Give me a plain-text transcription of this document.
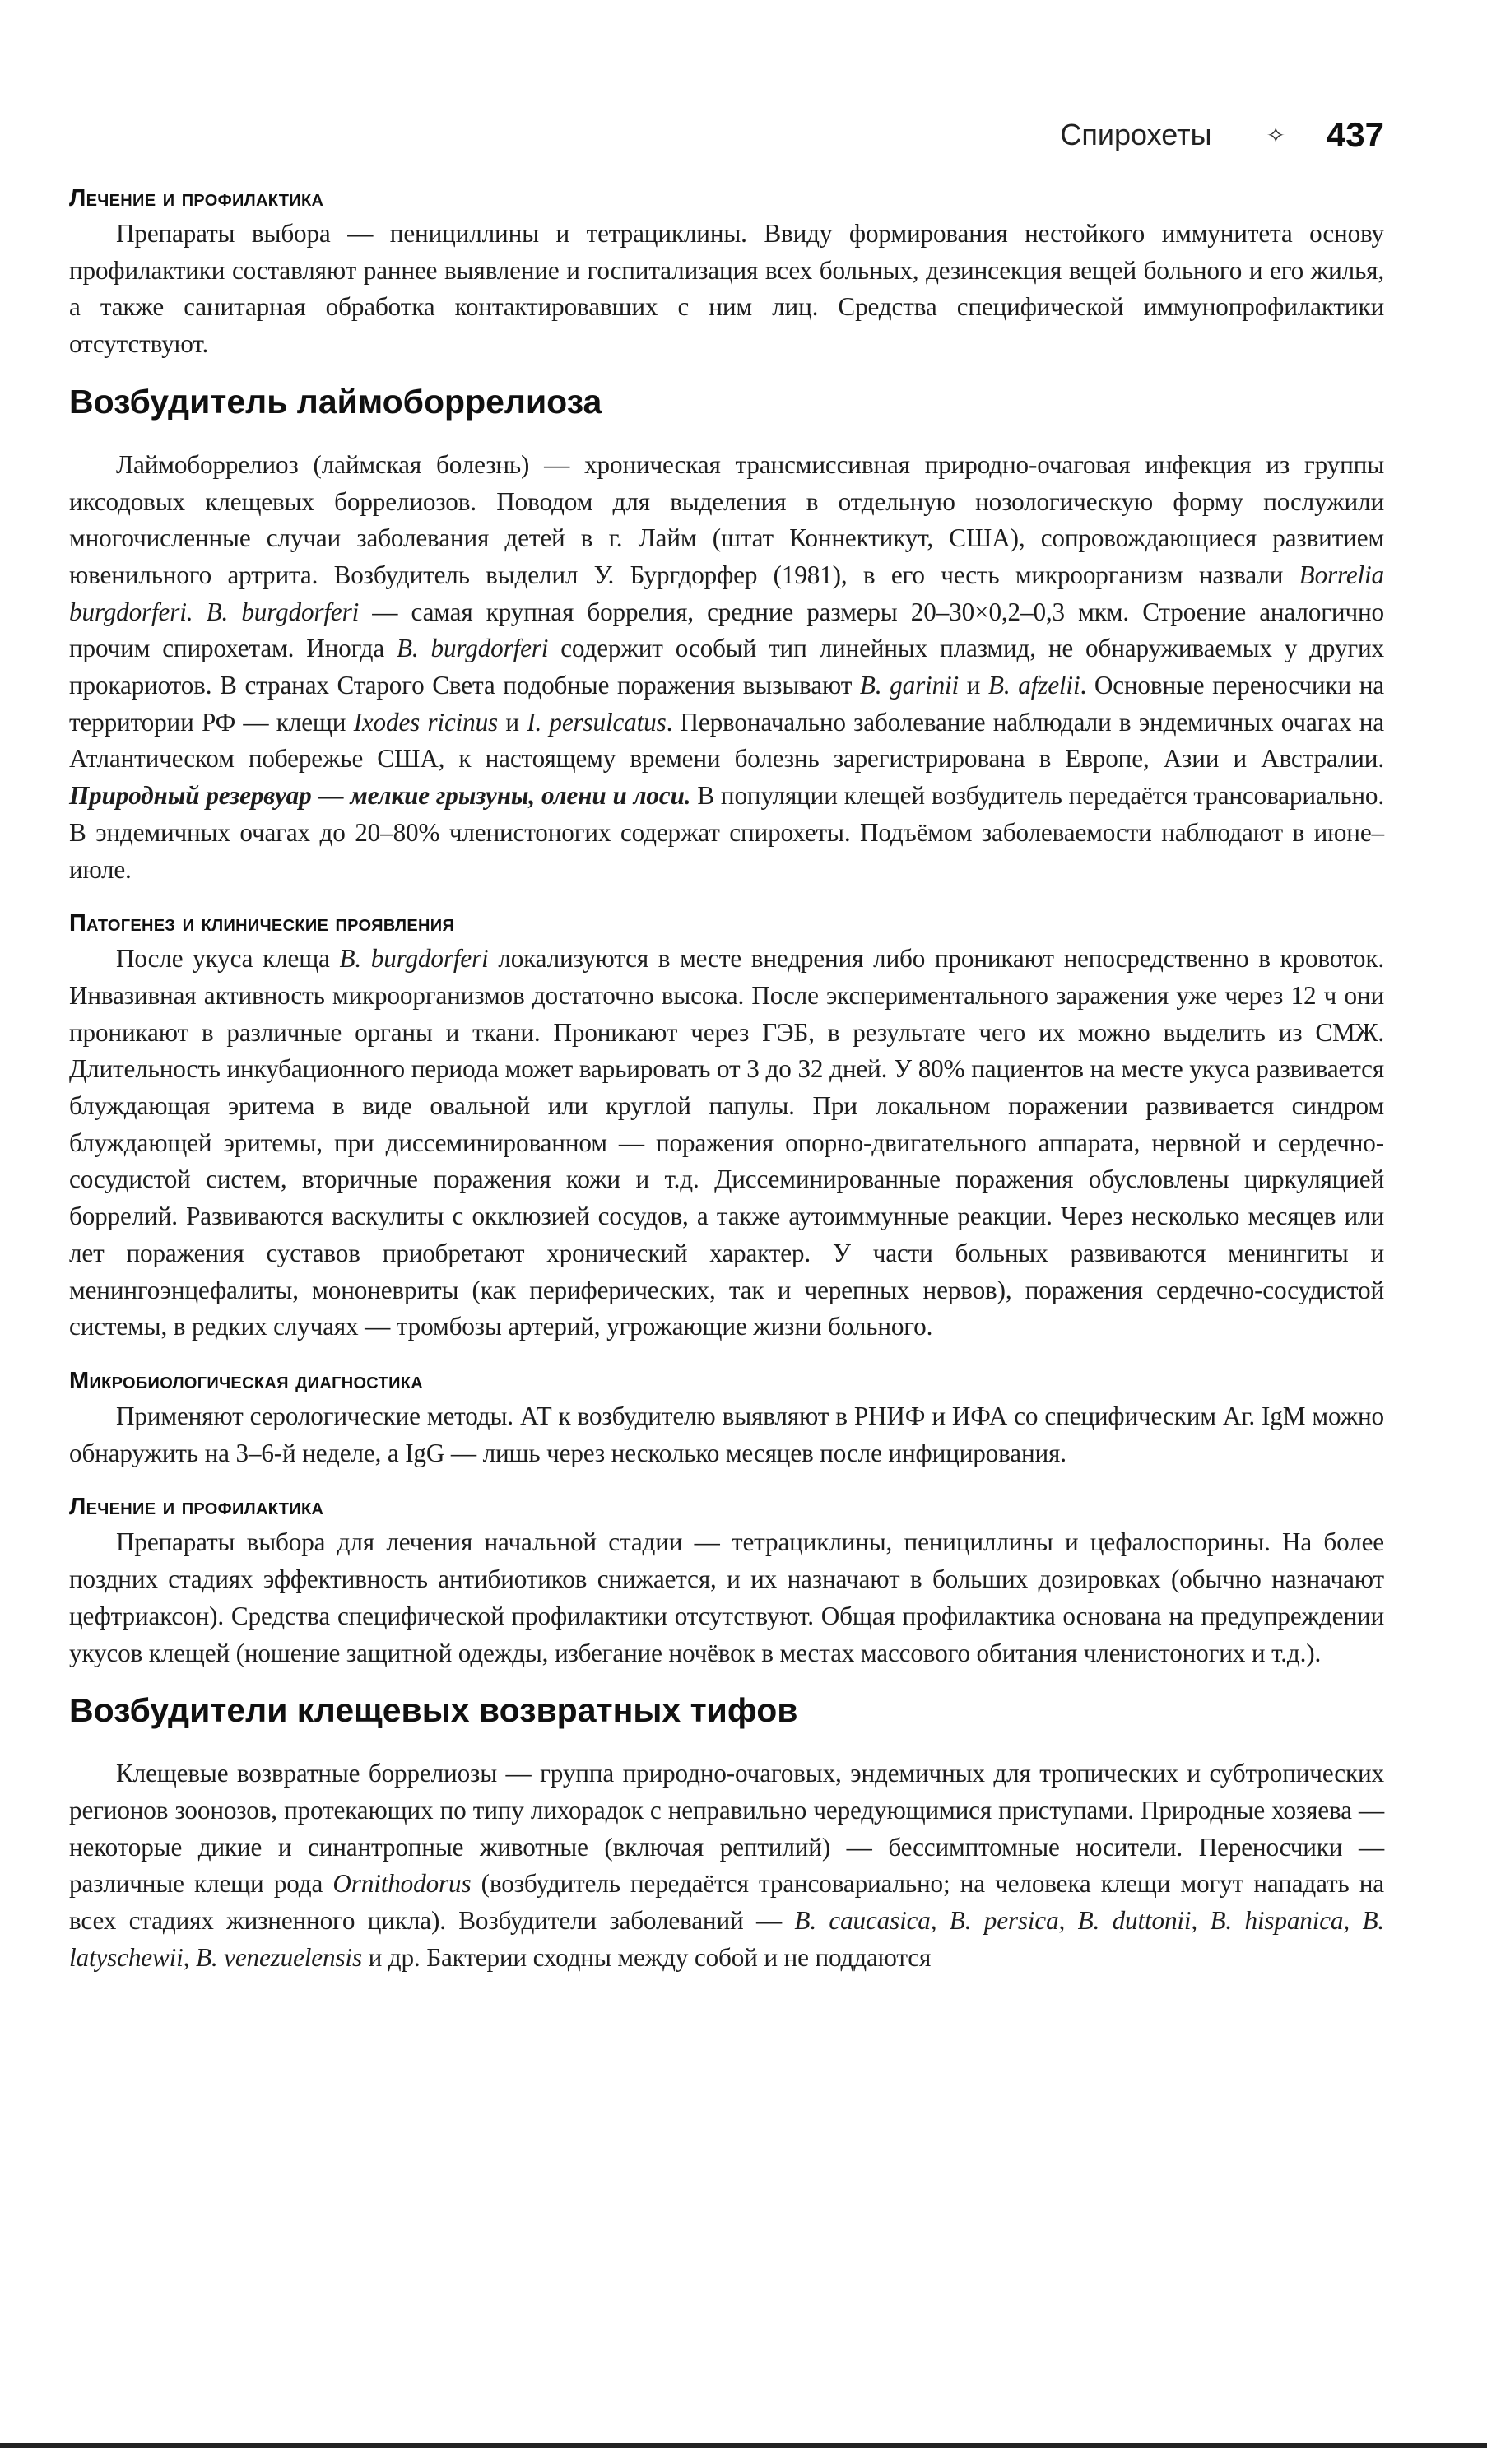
Спирохеты ✧ 437
Лечение и профилактика

Препараты выбора — пенициллины и тетрациклины. Ввиду формирования нестойкого иммунитета основу профилактики составляют раннее выявление и госпитализация всех больных, дезинсекция вещей больного и его жилья, а также санитарная обработка контактировавших с ним лиц. Средства специфической иммунопрофилактики отсутствуют.

Возбудитель лаймоборрелиоза

Лаймоборрелиоз (лаймская болезнь) — хроническая трансмиссивная природно-очаговая инфекция из группы иксодовых клещевых боррелиозов. Поводом для выделения в отдельную нозологическую форму послужили многочисленные случаи заболевания детей в г. Лайм (штат Коннектикут, США), сопровождающиеся развитием ювенильного артрита. Возбудитель выделил У. Бургдорфер (1981), в его честь микроорганизм назвали Borrelia burgdorferi. B. burgdorferi — самая крупная боррелия, средние размеры 20–30×0,2–0,3 мкм. Строение аналогично прочим спирохетам. Иногда B. burgdorferi содержит особый тип линейных плазмид, не обнаруживаемых у других прокариотов. В странах Старого Света подобные поражения вызывают B. garinii и B. afzelii. Основные переносчики на территории РФ — клещи Ixodes ricinus и I. persulcatus. Первоначально заболевание наблюдали в эндемичных очагах на Атлантическом побережье США, к настоящему времени болезнь зарегистрирована в Европе, Азии и Австралии. Природный резервуар — мелкие грызуны, олени и лоси. В популяции клещей возбудитель передаётся трансовариально. В эндемичных очагах до 20–80% членистоногих содержат спирохеты. Подъёмом заболеваемости наблюдают в июне–июле.

Патогенез и клинические проявления

После укуса клеща B. burgdorferi локализуются в месте внедрения либо проникают непосредственно в кровоток. Инвазивная активность микроорганизмов достаточно высока. После экспериментального заражения уже через 12 ч они проникают в различные органы и ткани. Проникают через ГЭБ, в результате чего их можно выделить из СМЖ. Длительность инкубационного периода может варьировать от 3 до 32 дней. У 80% пациентов на месте укуса развивается блуждающая эритема в виде овальной или круглой папулы. При локальном поражении развивается синдром блуждающей эритемы, при диссеминированном — поражения опорно-двигательного аппарата, нервной и сердечно-сосудистой систем, вторичные поражения кожи и т.д. Диссеминированные поражения обусловлены циркуляцией боррелий. Развиваются васкулиты с окклюзией сосудов, а также аутоиммунные реакции. Через несколько месяцев или лет поражения суставов приобретают хронический характер. У части больных развиваются менингиты и менингоэнцефалиты, мононевриты (как периферических, так и черепных нервов), поражения сердечно-сосудистой системы, в редких случаях — тромбозы артерий, угрожающие жизни больного.

Микробиологическая диагностика

Применяют серологические методы. АТ к возбудителю выявляют в РНИФ и ИФА со специфическим Аг. IgM можно обнаружить на 3–6-й неделе, а IgG — лишь через несколько месяцев после инфицирования.

Лечение и профилактика

Препараты выбора для лечения начальной стадии — тетрациклины, пенициллины и цефалоспорины. На более поздних стадиях эффективность антибиотиков снижается, и их назначают в больших дозировках (обычно назначают цефтриаксон). Средства специфической профилактики отсутствуют. Общая профилактика основана на предупреждении укусов клещей (ношение защитной одежды, избегание ночёвок в местах массового обитания членистоногих и т.д.).

Возбудители клещевых возвратных тифов

Клещевые возвратные боррелиозы — группа природно-очаговых, эндемичных для тропических и субтропических регионов зоонозов, протекающих по типу лихорадок с неправильно чередующимися приступами. Природные хозяева — некоторые дикие и синантропные животные (включая рептилий) — бессимптомные носители. Переносчики — различные клещи рода Ornithodorus (возбудитель передаётся трансовариально; на человека клещи могут нападать на всех стадиях жизненного цикла). Возбудители заболеваний — B. caucasica, B. persica, B. duttonii, B. hispanica, B. latyschewii, B. venezuelensis и др. Бактерии сходны между собой и не поддаются
